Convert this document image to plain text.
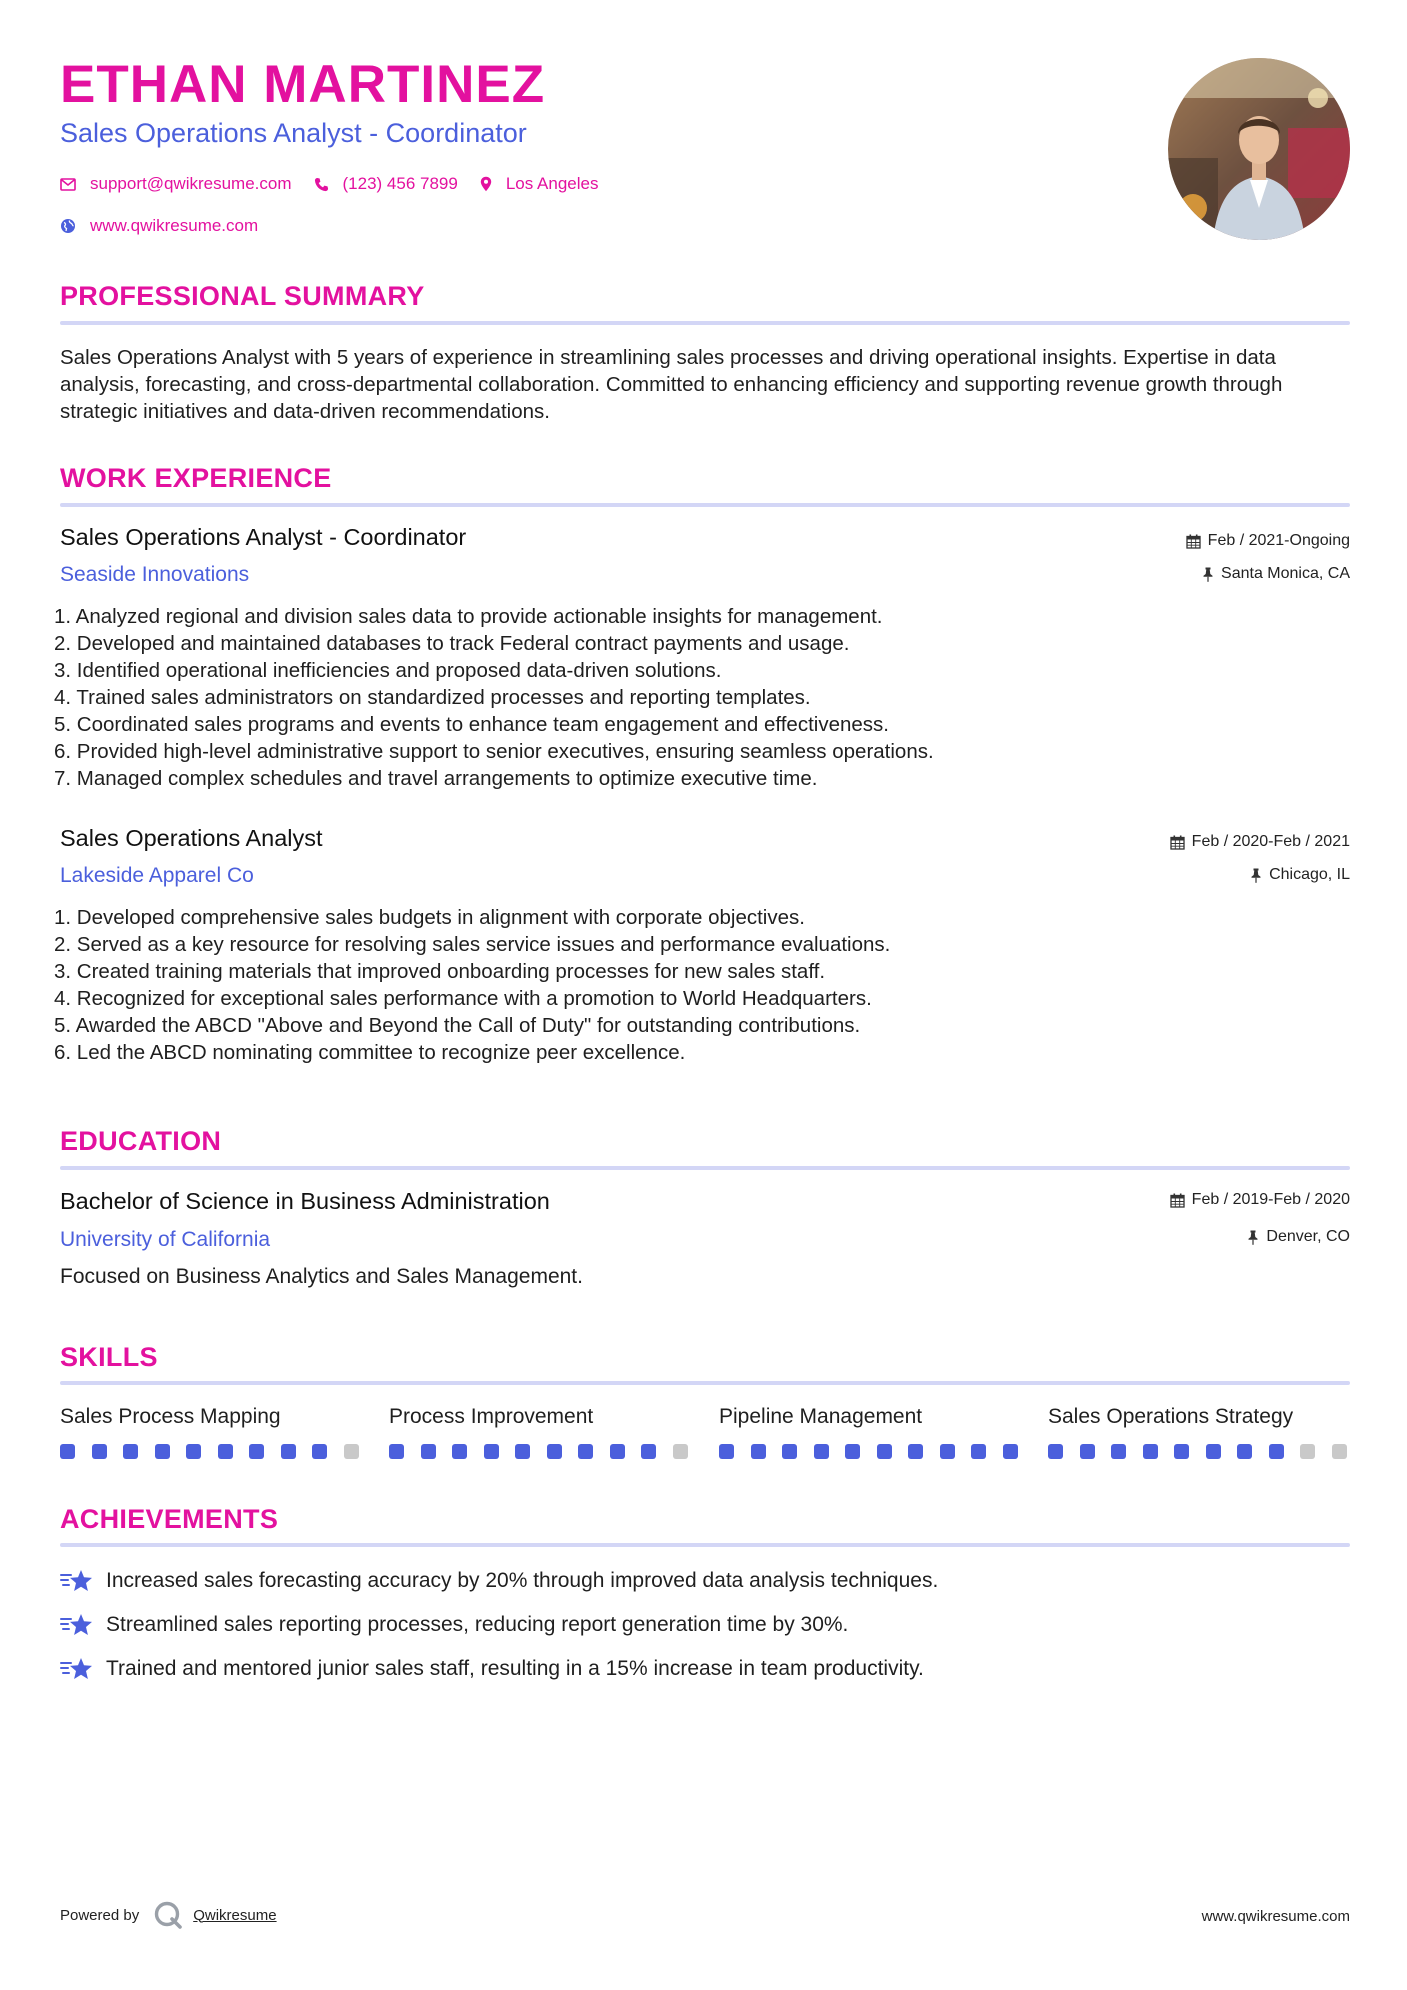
ETHAN MARTINEZ
Sales Operations Analyst - Coordinator
support@qwikresume.com	(123) 456 7899	Los Angeles
www.qwikresume.com
PROFESSIONAL SUMMARY
Sales Operations Analyst with 5 years of experience in streamlining sales processes and driving operational insights. Expertise in data analysis, forecasting, and cross-departmental collaboration. Committed to enhancing efficiency and supporting revenue growth through strategic initiatives and data-driven recommendations.
WORK EXPERIENCE
Sales Operations Analyst - Coordinator
Seaside Innovations
Feb / 2021-Ongoing
Santa Monica, CA
1. Analyzed regional and division sales data to provide actionable insights for management.
2. Developed and maintained databases to track Federal contract payments and usage.
3. Identified operational inefficiencies and proposed data-driven solutions.
4. Trained sales administrators on standardized processes and reporting templates.
5. Coordinated sales programs and events to enhance team engagement and effectiveness.
6. Provided high-level administrative support to senior executives, ensuring seamless operations.
7. Managed complex schedules and travel arrangements to optimize executive time.
Sales Operations Analyst
Lakeside Apparel Co
Feb / 2020-Feb / 2021
Chicago, IL
1. Developed comprehensive sales budgets in alignment with corporate objectives.
2. Served as a key resource for resolving sales service issues and performance evaluations.
3. Created training materials that improved onboarding processes for new sales staff.
4. Recognized for exceptional sales performance with a promotion to World Headquarters.
5. Awarded the ABCD "Above and Beyond the Call of Duty" for outstanding contributions.
6. Led the ABCD nominating committee to recognize peer excellence.
EDUCATION
Bachelor of Science in Business Administration
University of California
Feb / 2019-Feb / 2020
Denver, CO
Focused on Business Analytics and Sales Management.
SKILLS
Sales Process Mapping	Process Improvement	Pipeline Management	Sales Operations Strategy
ACHIEVEMENTS
Increased sales forecasting accuracy by 20% through improved data analysis techniques.
Streamlined sales reporting processes, reducing report generation time by 30%.
Trained and mentored junior sales staff, resulting in a 15% increase in team productivity.
Powered by	Qwikresume	www.qwikresume.com
